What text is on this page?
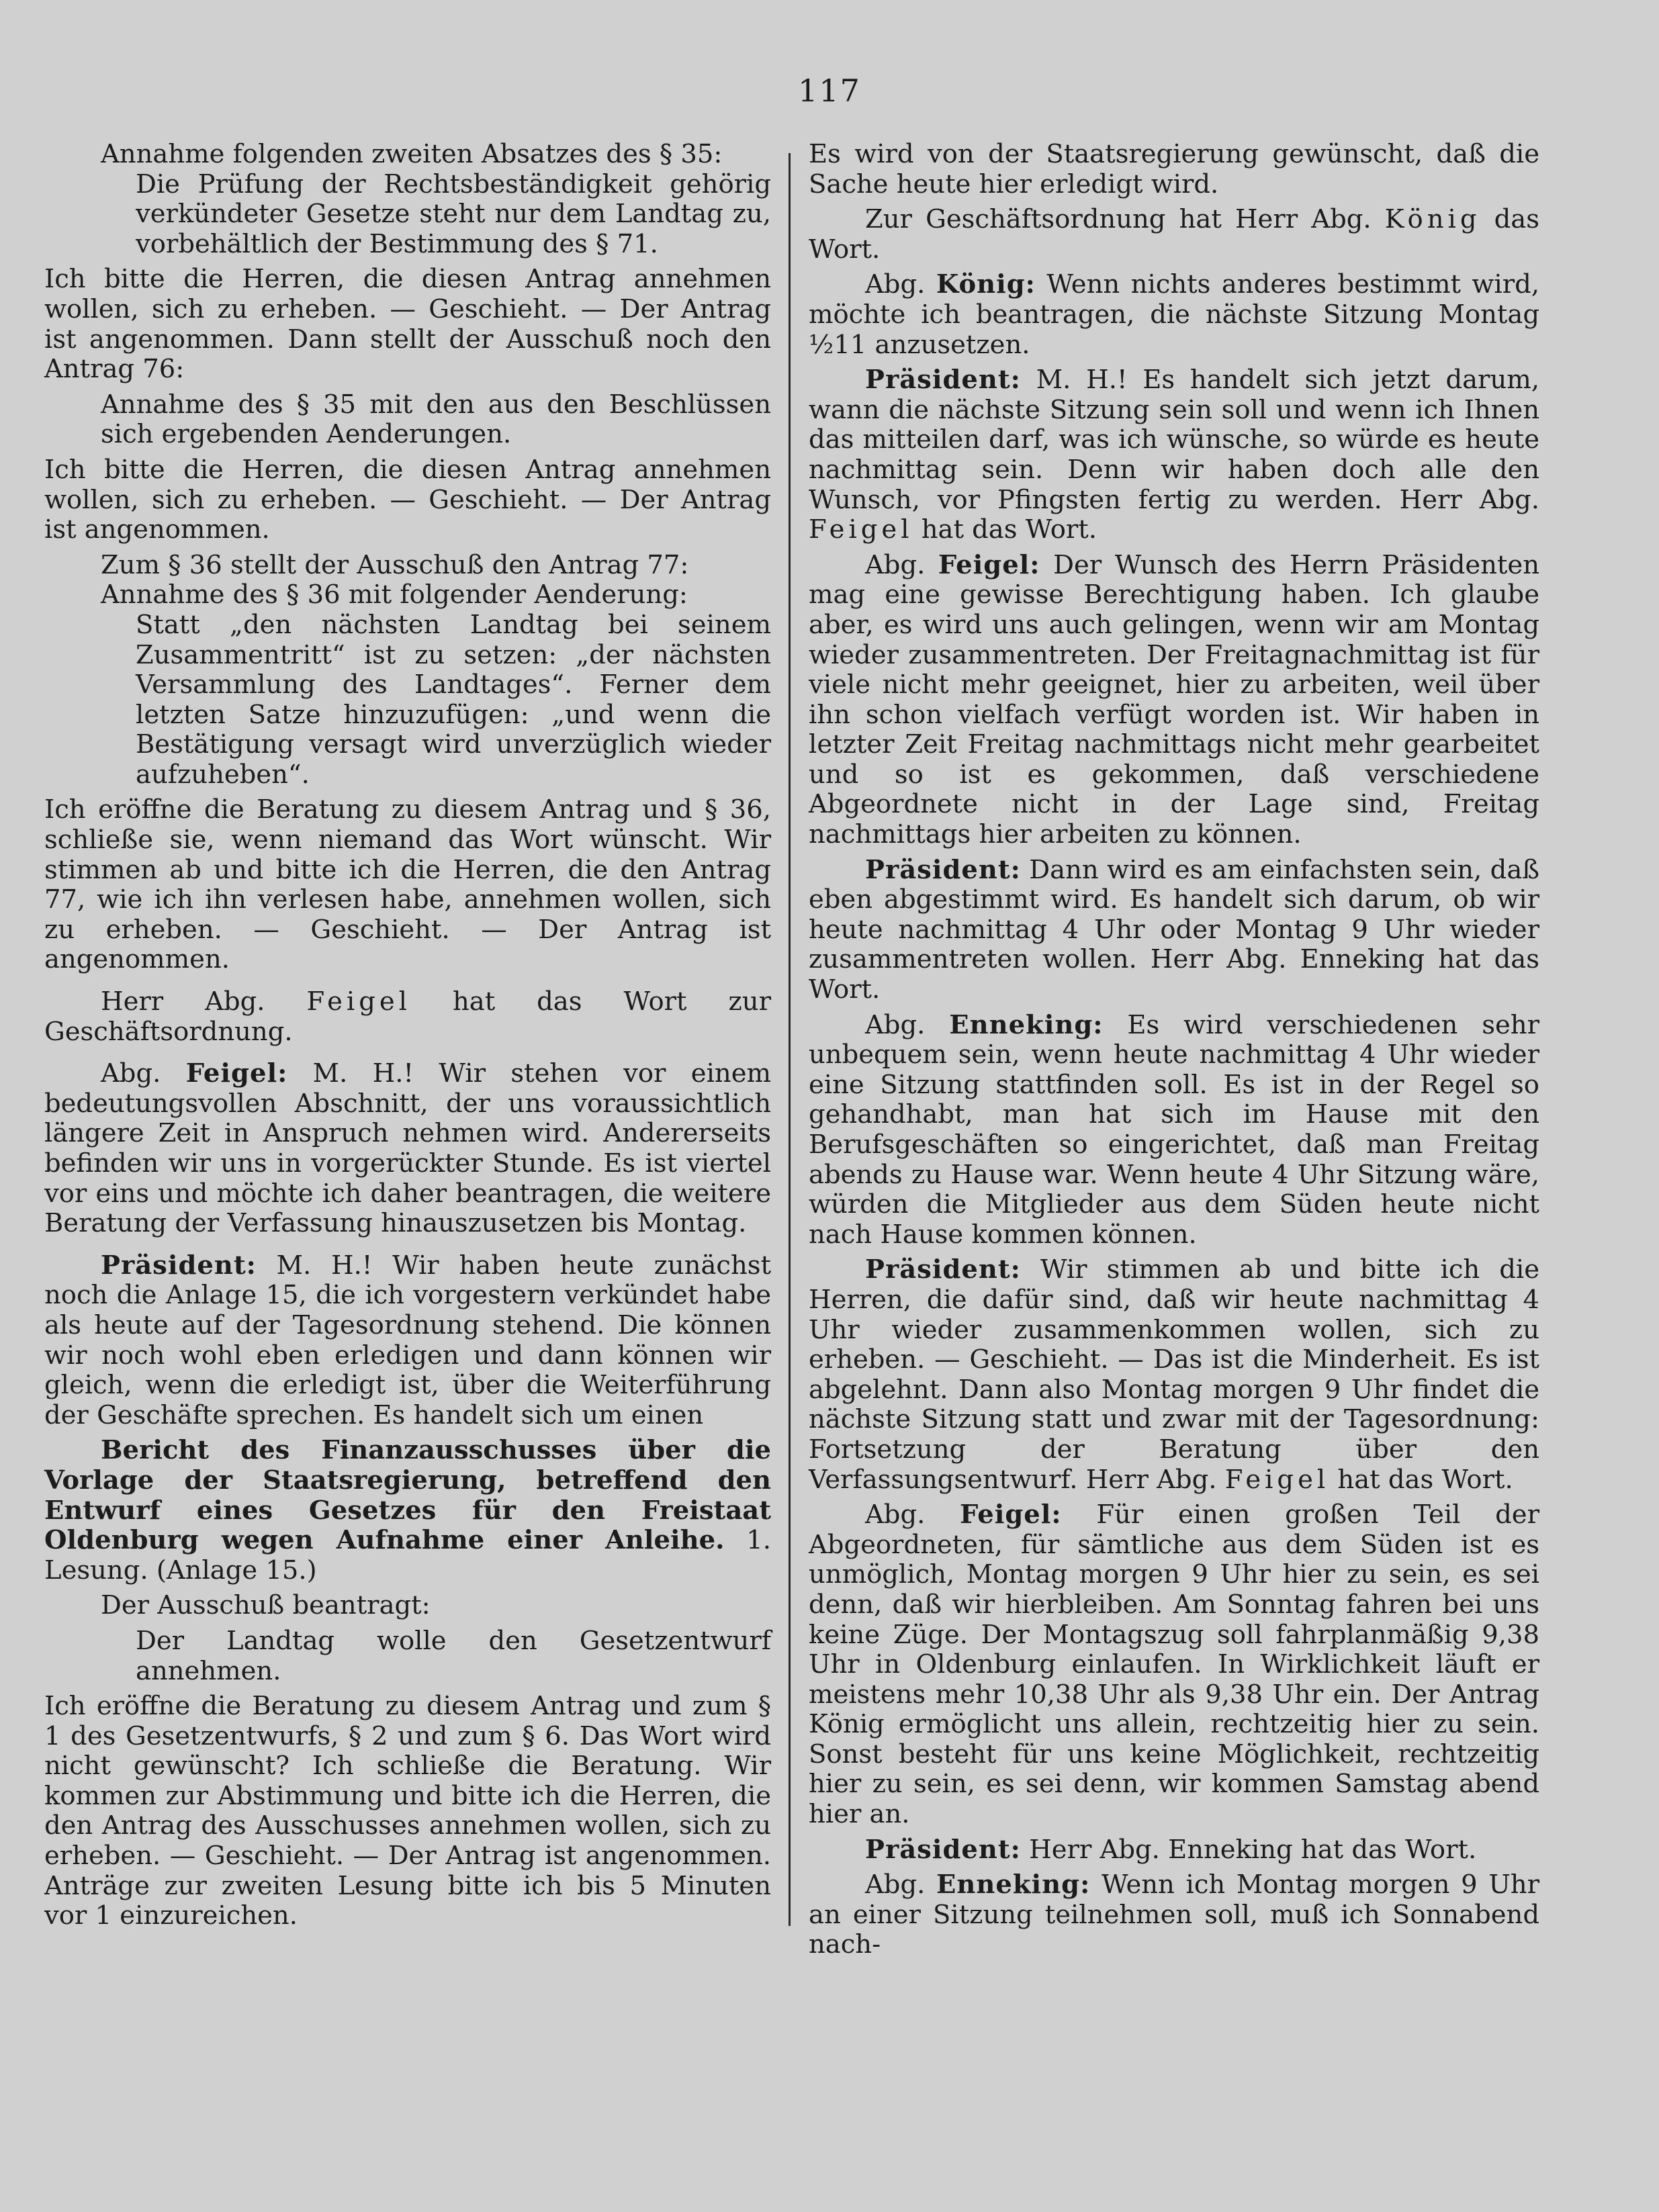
117

Annahme folgenden zweiten Absatzes des § 35:

Die Prüfung der Rechtsbeständigkeit gehörig verkündeter Gesetze steht nur dem Landtag zu, vorbehältlich der Bestimmung des § 71.

Ich bitte die Herren, die diesen Antrag annehmen wollen, sich zu erheben. — Geschieht. — Der Antrag ist angenommen. Dann stellt der Ausschuß noch den Antrag 76:

Annahme des § 35 mit den aus den Beschlüssen sich ergebenden Aenderungen.

Ich bitte die Herren, die diesen Antrag annehmen wollen, sich zu erheben. — Geschieht. — Der Antrag ist angenommen.

Zum § 36 stellt der Ausschuß den Antrag 77:

Annahme des § 36 mit folgender Aenderung:

Statt „den nächsten Landtag bei seinem Zusammentritt“ ist zu setzen: „der nächsten Versammlung des Landtages“. Ferner dem letzten Satze hinzuzufügen: „und wenn die Bestätigung versagt wird unverzüglich wieder aufzuheben“.

Ich eröffne die Beratung zu diesem Antrag und § 36, schließe sie, wenn niemand das Wort wünscht. Wir stimmen ab und bitte ich die Herren, die den Antrag 77, wie ich ihn verlesen habe, annehmen wollen, sich zu erheben. — Geschieht. — Der Antrag ist angenommen.

Herr Abg. Feigel hat das Wort zur Geschäftsordnung.

Abg. Feigel: M. H.! Wir stehen vor einem bedeutungsvollen Abschnitt, der uns voraussichtlich längere Zeit in Anspruch nehmen wird. Andererseits befinden wir uns in vorgerückter Stunde. Es ist viertel vor eins und möchte ich daher beantragen, die weitere Beratung der Verfassung hinauszusetzen bis Montag.

Präsident: M. H.! Wir haben heute zunächst noch die Anlage 15, die ich vorgestern verkündet habe als heute auf der Tagesordnung stehend. Die können wir noch wohl eben erledigen und dann können wir gleich, wenn die erledigt ist, über die Weiterführung der Geschäfte sprechen. Es handelt sich um einen

Bericht des Finanzausschusses über die Vorlage der Staatsregierung, betreffend den Entwurf eines Gesetzes für den Freistaat Oldenburg wegen Aufnahme einer Anleihe. 1. Lesung. (Anlage 15.)

Der Ausschuß beantragt:

Der Landtag wolle den Gesetzentwurf annehmen.

Ich eröffne die Beratung zu diesem Antrag und zum § 1 des Gesetzentwurfs, § 2 und zum § 6. Das Wort wird nicht gewünscht? Ich schließe die Beratung. Wir kommen zur Abstimmung und bitte ich die Herren, die den Antrag des Ausschusses annehmen wollen, sich zu erheben. — Geschieht. — Der Antrag ist angenommen. Anträge zur zweiten Lesung bitte ich bis 5 Minuten vor 1 einzureichen.

Es wird von der Staatsregierung gewünscht, daß die Sache heute hier erledigt wird.

Zur Geschäftsordnung hat Herr Abg. König das Wort.

Abg. König: Wenn nichts anderes bestimmt wird, möchte ich beantragen, die nächste Sitzung Montag ½11 anzusetzen.

Präsident: M. H.! Es handelt sich jetzt darum, wann die nächste Sitzung sein soll und wenn ich Ihnen das mitteilen darf, was ich wünsche, so würde es heute nachmittag sein. Denn wir haben doch alle den Wunsch, vor Pfingsten fertig zu werden. Herr Abg. Feigel hat das Wort.

Abg. Feigel: Der Wunsch des Herrn Präsidenten mag eine gewisse Berechtigung haben. Ich glaube aber, es wird uns auch gelingen, wenn wir am Montag wieder zusammentreten. Der Freitagnachmittag ist für viele nicht mehr geeignet, hier zu arbeiten, weil über ihn schon vielfach verfügt worden ist. Wir haben in letzter Zeit Freitag nachmittags nicht mehr gearbeitet und so ist es gekommen, daß verschiedene Abgeordnete nicht in der Lage sind, Freitag nachmittags hier arbeiten zu können.

Präsident: Dann wird es am einfachsten sein, daß eben abgestimmt wird. Es handelt sich darum, ob wir heute nachmittag 4 Uhr oder Montag 9 Uhr wieder zusammentreten wollen. Herr Abg. Enneking hat das Wort.

Abg. Enneking: Es wird verschiedenen sehr unbequem sein, wenn heute nachmittag 4 Uhr wieder eine Sitzung stattfinden soll. Es ist in der Regel so gehandhabt, man hat sich im Hause mit den Berufsgeschäften so eingerichtet, daß man Freitag abends zu Hause war. Wenn heute 4 Uhr Sitzung wäre, würden die Mitglieder aus dem Süden heute nicht nach Hause kommen können.

Präsident: Wir stimmen ab und bitte ich die Herren, die dafür sind, daß wir heute nachmittag 4 Uhr wieder zusammenkommen wollen, sich zu erheben. — Geschieht. — Das ist die Minderheit. Es ist abgelehnt. Dann also Montag morgen 9 Uhr findet die nächste Sitzung statt und zwar mit der Tagesordnung: Fortsetzung der Beratung über den Verfassungsentwurf. Herr Abg. Feigel hat das Wort.

Abg. Feigel: Für einen großen Teil der Abgeordneten, für sämtliche aus dem Süden ist es unmöglich, Montag morgen 9 Uhr hier zu sein, es sei denn, daß wir hierbleiben. Am Sonntag fahren bei uns keine Züge. Der Montagszug soll fahrplanmäßig 9,38 Uhr in Oldenburg einlaufen. In Wirklichkeit läuft er meistens mehr 10,38 Uhr als 9,38 Uhr ein. Der Antrag König ermöglicht uns allein, rechtzeitig hier zu sein. Sonst besteht für uns keine Möglichkeit, rechtzeitig hier zu sein, es sei denn, wir kommen Samstag abend hier an.

Präsident: Herr Abg. Enneking hat das Wort.

Abg. Enneking: Wenn ich Montag morgen 9 Uhr an einer Sitzung teilnehmen soll, muß ich Sonnabend nach-
